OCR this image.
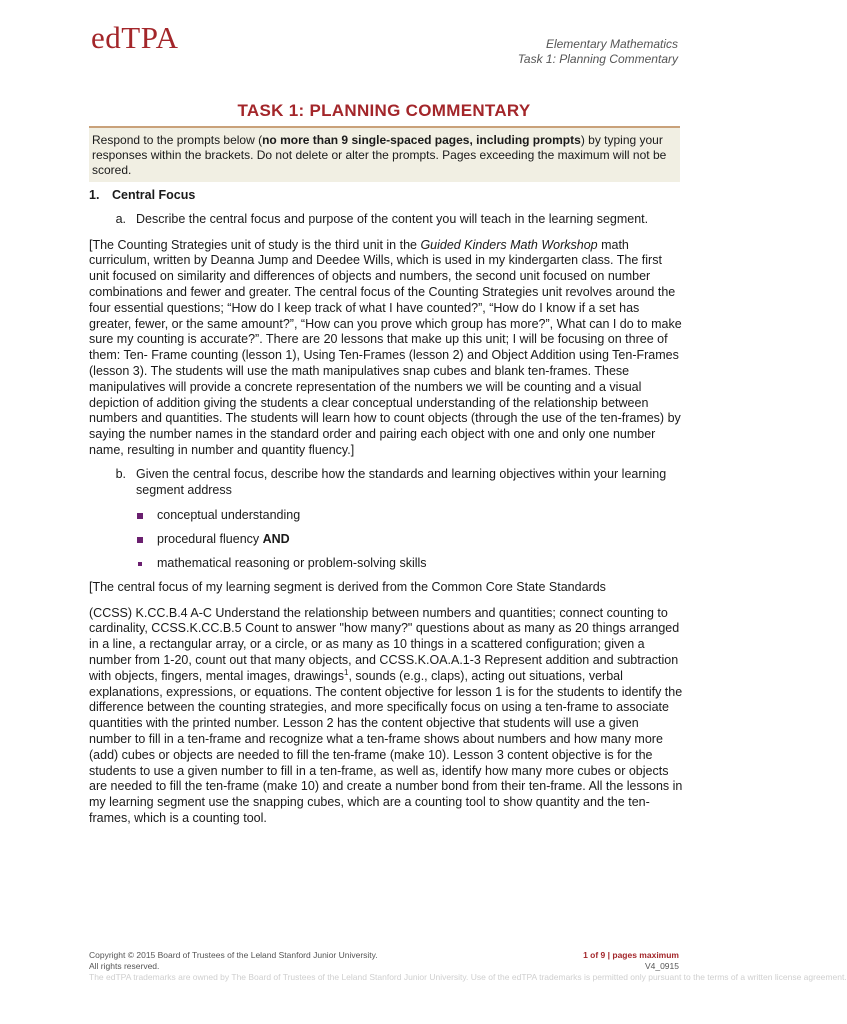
edTPA	Elementary Mathematics
Task 1: Planning Commentary
TASK 1: PLANNING COMMENTARY
Respond to the prompts below (no more than 9 single-spaced pages, including prompts) by typing your responses within the brackets. Do not delete or alter the prompts. Pages exceeding the maximum will not be scored.
1. Central Focus
a. Describe the central focus and purpose of the content you will teach in the learning segment.
[The Counting Strategies unit of study is the third unit in the Guided Kinders Math Workshop math curriculum, written by Deanna Jump and Deedee Wills, which is used in my kindergarten class. The first unit focused on similarity and differences of objects and numbers, the second unit focused on number combinations and fewer and greater. The central focus of the Counting Strategies unit revolves around the four essential questions; “How do I keep track of what I have counted?”, “How do I know if a set has greater, fewer, or the same amount?”, “How can you prove which group has more?”, What can I do to make sure my counting is accurate?”. There are 20 lessons that make up this unit; I will be focusing on three of them: Ten- Frame counting (lesson 1), Using Ten-Frames (lesson 2) and Object Addition using Ten-Frames (lesson 3). The students will use the math manipulatives snap cubes and blank ten-frames. These manipulatives will provide a concrete representation of the numbers we will be counting and a visual depiction of addition giving the students a clear conceptual understanding of the relationship between numbers and quantities. The students will learn how to count objects (through the use of the ten-frames) by saying the number names in the standard order and pairing each object with one and only one number name, resulting in number and quantity fluency.]
b. Given the central focus, describe how the standards and learning objectives within your learning segment address
conceptual understanding
procedural fluency AND
mathematical reasoning or problem-solving skills
[The central focus of my learning segment is derived from the Common Core State Standards
(CCSS) K.CC.B.4 A-C Understand the relationship between numbers and quantities; connect counting to cardinality, CCSS.K.CC.B.5 Count to answer "how many?" questions about as many as 20 things arranged in a line, a rectangular array, or a circle, or as many as 10 things in a scattered configuration; given a number from 1-20, count out that many objects, and CCSS.K.OA.A.1-3 Represent addition and subtraction with objects, fingers, mental images, drawings$^1$, sounds (e.g., claps), acting out situations, verbal explanations, expressions, or equations. The content objective for lesson 1 is for the students to identify the difference between the counting strategies, and more specifically focus on using a ten-frame to associate quantities with the printed number. Lesson 2 has the content objective that students will use a given number to fill in a ten-frame and recognize what a ten-frame shows about numbers and how many more (add) cubes or objects are needed to fill the ten-frame (make 10). Lesson 3 content objective is for the students to use a given number to fill in a ten-frame, as well as, identify how many more cubes or objects are needed to fill the ten-frame (make 10) and create a number bond from their ten-frame. All the lessons in my learning segment use the snapping cubes, which are a counting tool to show quantity and the ten-frames, which is a counting tool.
Copyright © 2015 Board of Trustees of the Leland Stanford Junior University.
All rights reserved.
The edTPA trademarks are owned by The Board of Trustees of the Leland Stanford Junior University. Use of the edTPA trademarks is permitted only pursuant to the terms of a written license agreement.
1 of 9 | pages maximum
V4_0915
